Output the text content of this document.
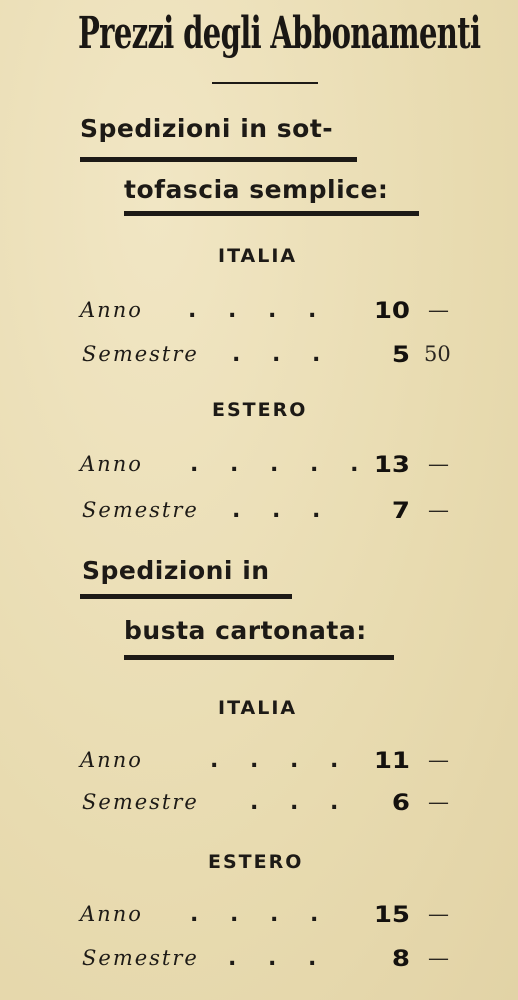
Prezzi degli Abbonamenti
Spedizioni in sot-
tofascia semplice:
ITALIA
Anno . . . .	10 —
Semestre . . .	5 50
ESTERO
Anno . . . . . 13 —
Semestre . . .	7 —
Spedizioni in
busta cartonata:
ITALIA
Anno	. . . . 11 —
Semestre . . .	6 —
ESTERO
Anno . . . .	15 —
Semestre . . .	8 —
